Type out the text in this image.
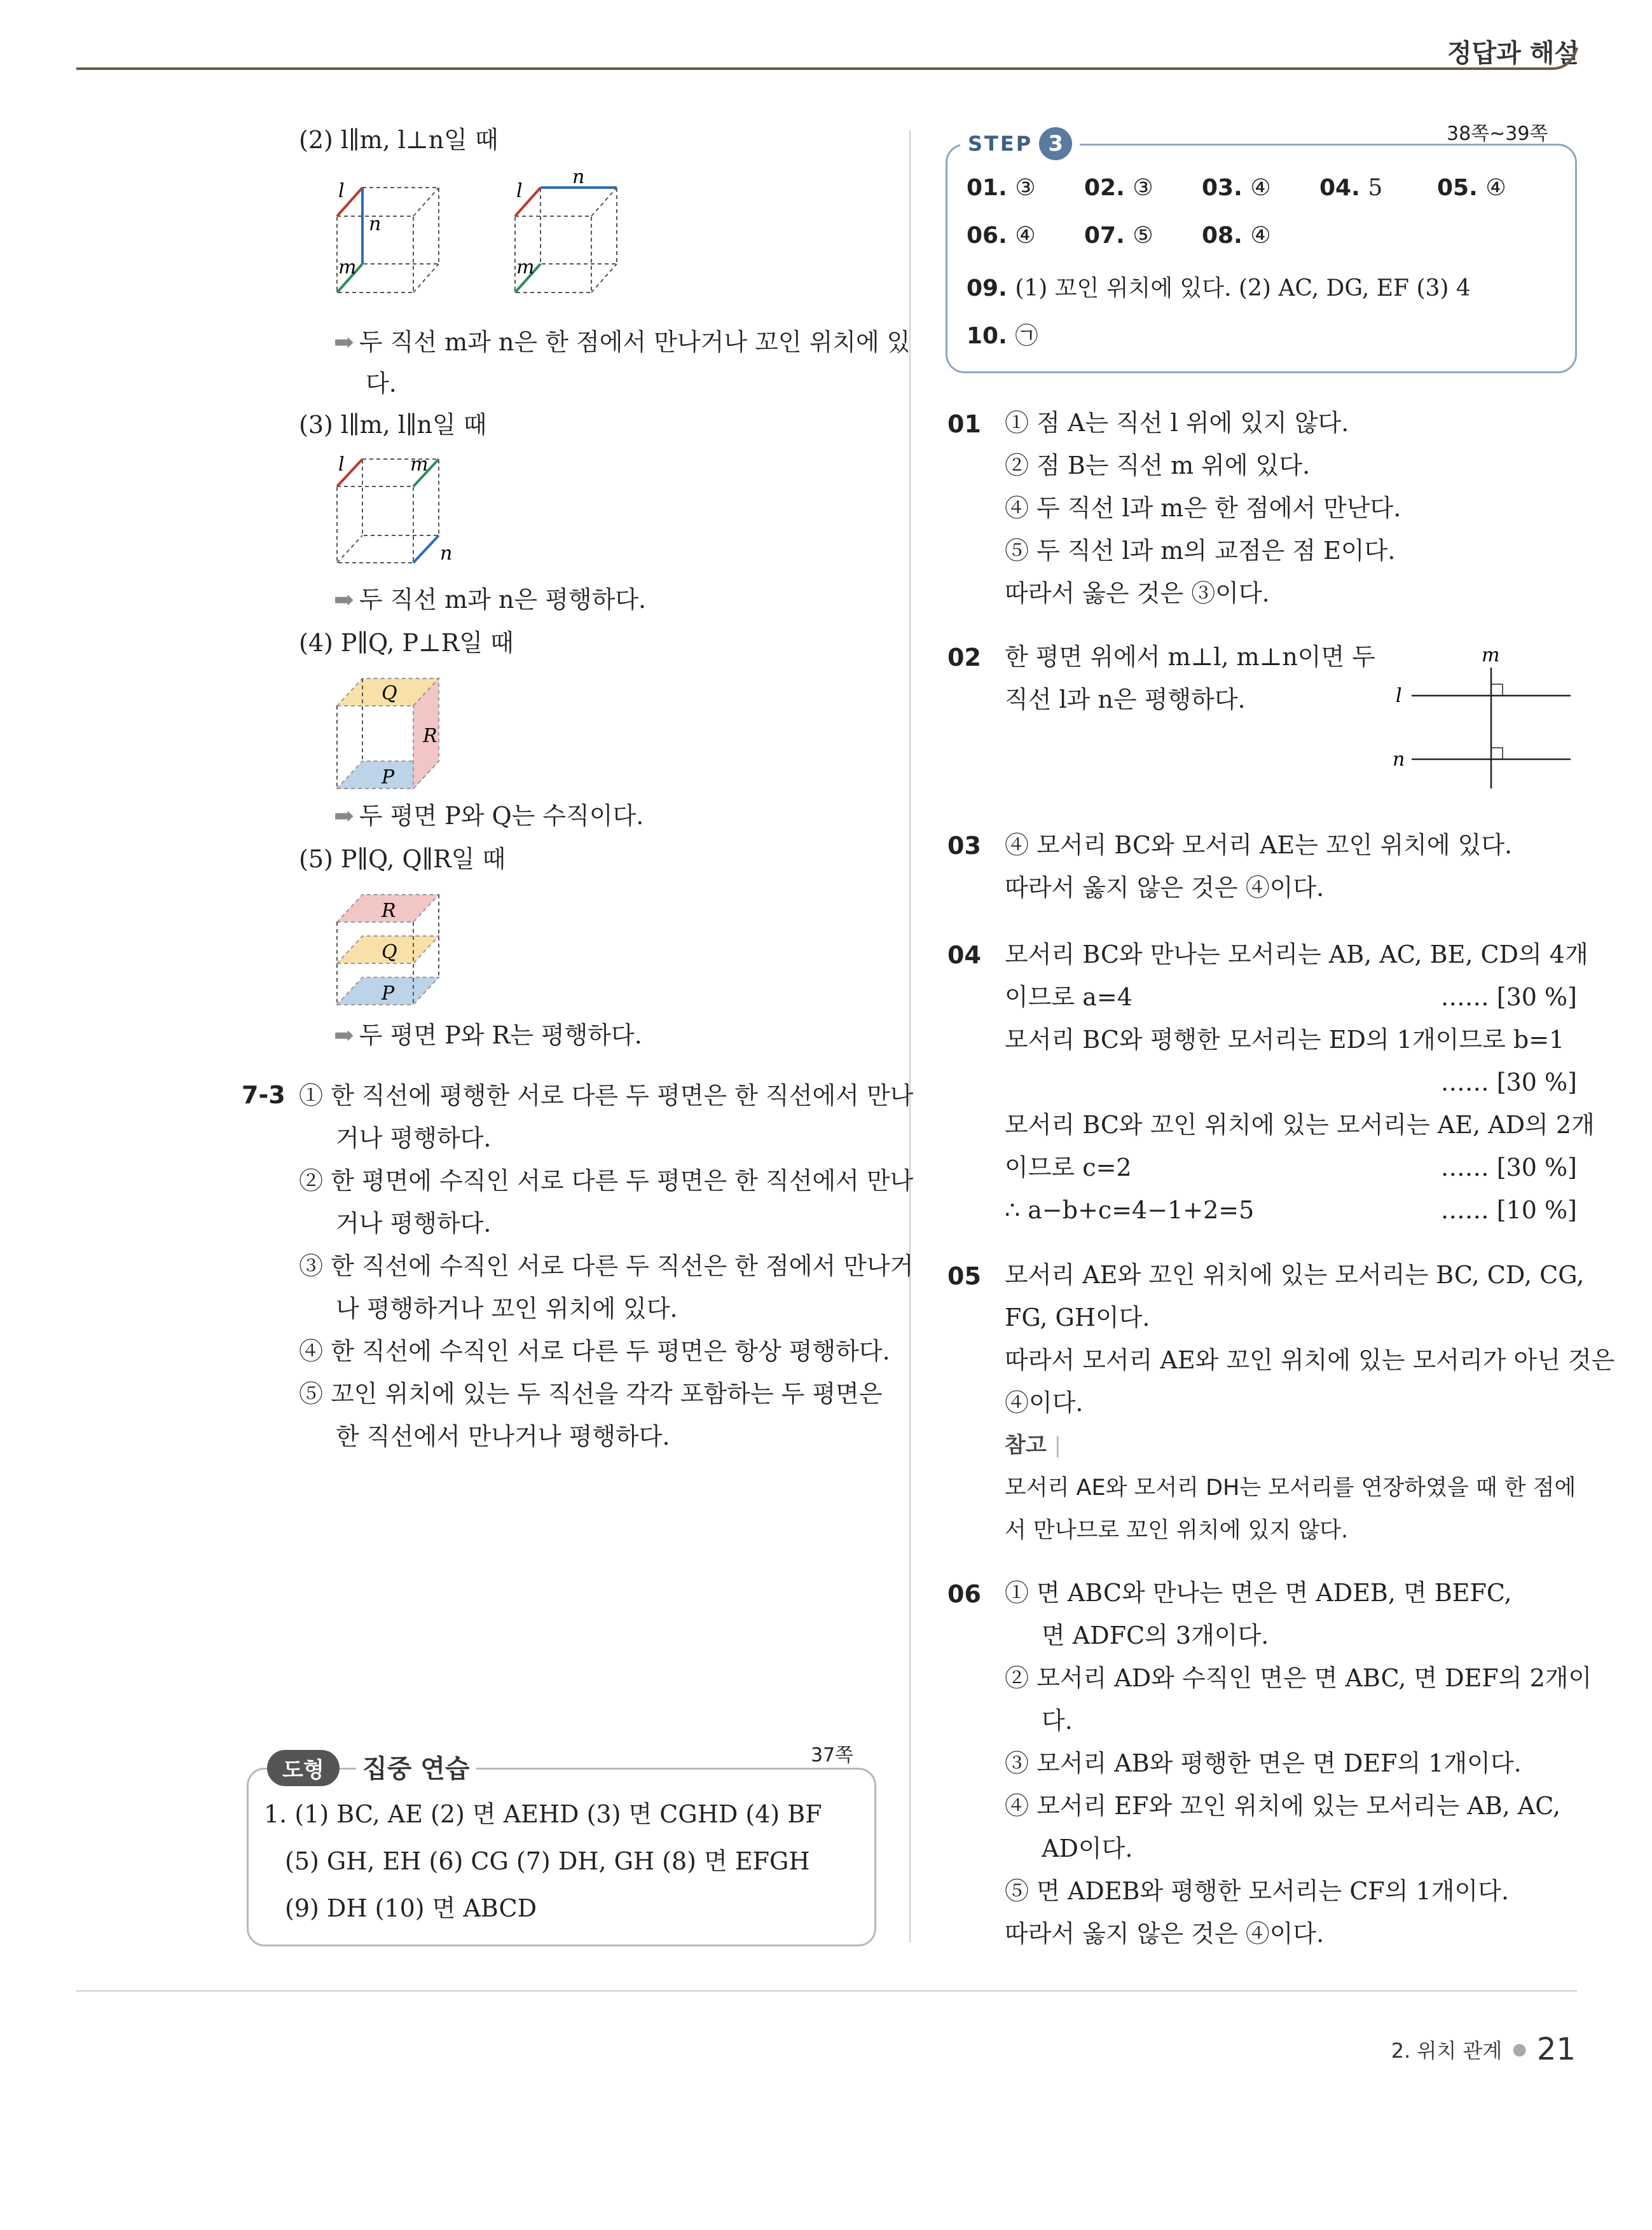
정답과 해설
(2) l∥m, l⊥n일 때
l
n
m
l
n
m
➡ 두 직선 m과 n은 한 점에서 만나거나 꼬인 위치에 있
다.
(3) l∥m, l∥n일 때
l	m
n
➡ 두 직선 m과 n은 평행하다.
(4) P∥Q, P⊥R일 때
Q
R
P
➡ 두 평면 P와 Q는 수직이다.
(5) P∥Q, Q∥R일 때
R
Q
P
➡ 두 평면 P와 R는 평행하다.
7-3 ① 한 직선에 평행한 서로 다른 두 평면은 한 직선에서 만나
거나 평행하다.
② 한 평면에 수직인 서로 다른 두 평면은 한 직선에서 만나
거나 평행하다.
③ 한 직선에 수직인 서로 다른 두 직선은 한 점에서 만나거
나 평행하거나 꼬인 위치에 있다.
④ 한 직선에 수직인 서로 다른 두 평면은 항상 평행하다.
⑤ 꼬인 위치에 있는 두 직선을 각각 포함하는 두 평면은
한 직선에서 만나거나 평행하다.
도형	집중 연습	37쪽
1. (1) BC, AE (2) 면 AEHD (3) 면 CGHD (4) BF
(5) GH, EH (6) CG (7) DH, GH (8) 면 EFGH
(9) DH (10) 면 ABCD
STEP 3	38쪽~39쪽
01. ③ 02. ③ 03. ④ 04. 5 05. ④
06. ④ 07. ⑤ 08. ④
09. (1) 꼬인 위치에 있다. (2) AC, DG, EF (3) 4
10. ㉠
01 ① 점 A는 직선 l 위에 있지 않다.
② 점 B는 직선 m 위에 있다.
④ 두 직선 l과 m은 한 점에서 만난다.
⑤ 두 직선 l과 m의 교점은 점 E이다.
따라서 옳은 것은 ③이다.
02 한 평면 위에서 m⊥l, m⊥n이면 두
직선 l과 n은 평행하다.
m
l
n
03 ④ 모서리 BC와 모서리 AE는 꼬인 위치에 있다.
따라서 옳지 않은 것은 ④이다.
04 모서리 BC와 만나는 모서리는 AB, AC, BE, CD의 4개
이므로 a=4	…… [30 %]
모서리 BC와 평행한 모서리는 ED의 1개이므로 b=1
…… [30 %]

모서리 BC와 꼬인 위치에 있는 모서리는 AE, AD의 2개
이므로 c=2	…… [30 %]
∴ a−b+c=4−1+2=5	…… [10 %]
05 모서리 AE와 꼬인 위치에 있는 모서리는 BC, CD, CG,
FG, GH이다.
따라서 모서리 AE와 꼬인 위치에 있는 모서리가 아닌 것은
④이다.
참고 |
모서리 AE와 모서리 DH는 모서리를 연장하였을 때 한 점에
서 만나므로 꼬인 위치에 있지 않다.
06 ① 면 ABC와 만나는 면은 면 ADEB, 면 BEFC,
면 ADFC의 3개이다.
② 모서리 AD와 수직인 면은 면 ABC, 면 DEF의 2개이
다.
③ 모서리 AB와 평행한 면은 면 DEF의 1개이다.
④ 모서리 EF와 꼬인 위치에 있는 모서리는 AB, AC,
AD이다.
⑤ 면 ADEB와 평행한 모서리는 CF의 1개이다.
따라서 옳지 않은 것은 ④이다.
2. 위치 관계 ● 21
